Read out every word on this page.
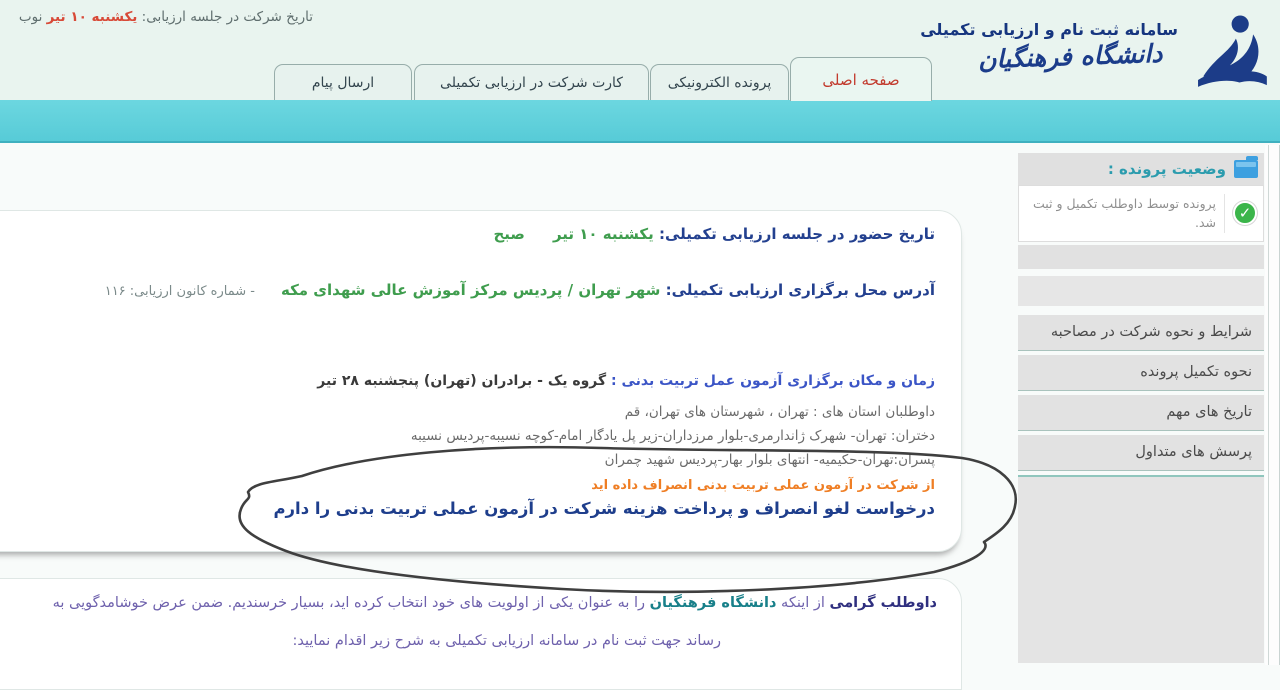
تاریخ شرکت در جلسه ارزیابی: یکشنبه ۱۰ تیر نوب
سامانه ثبت نام و ارزیابی تکمیلی
دانشگاه فرهنگیان
صفحه اصلی
پرونده الکترونیکی
کارت شرکت در ارزیابی تکمیلی
ارسال پیام
وضعیت پرونده :
✓
پرونده توسط داوطلب تکمیل و ثبت شد.
شرایط و نحوه شرکت در مصاحبه
نحوه تکمیل پرونده
تاریخ های مهم
پرسش های متداول
تاریخ حضور در جلسه ارزیابی تکمیلی: یکشنبه ۱۰ تیرصبح
آدرس محل برگزاری ارزیابی تکمیلی: شهر تهران / پردیس مرکز آموزش عالی شهدای مکه- شماره کانون ارزیابی: ۱۱۶
زمان و مکان برگزاری آزمون عمل تربیت بدنی : گروه یک - برادران (تهران) پنجشنبه ۲۸ تیر
داوطلبان استان های : تهران ، شهرستان های تهران، قم
دختران: تهران- شهرک ژاندارمری-بلوار مرزداران-زیر پل یادگار امام-کوچه نسیبه-پردیس نسیبه
پسران:تهران-حکیمیه- انتهای بلوار بهار-پردیس شهید چمران
از شرکت در آزمون عملی تربیت بدنی انصراف داده اید
درخواست لغو انصراف و پرداخت هزینه شرکت در آزمون عملی تربیت بدنی را دارم
داوطلب گرامی از اینکه دانشگاه فرهنگیان را به عنوان یکی از اولویت های خود انتخاب کرده اید، بسیار خرسندیم. ضمن عرض خوشامدگویی به
رساند جهت ثبت نام در سامانه ارزیابی تکمیلی به شرح زیر اقدام نمایید:
